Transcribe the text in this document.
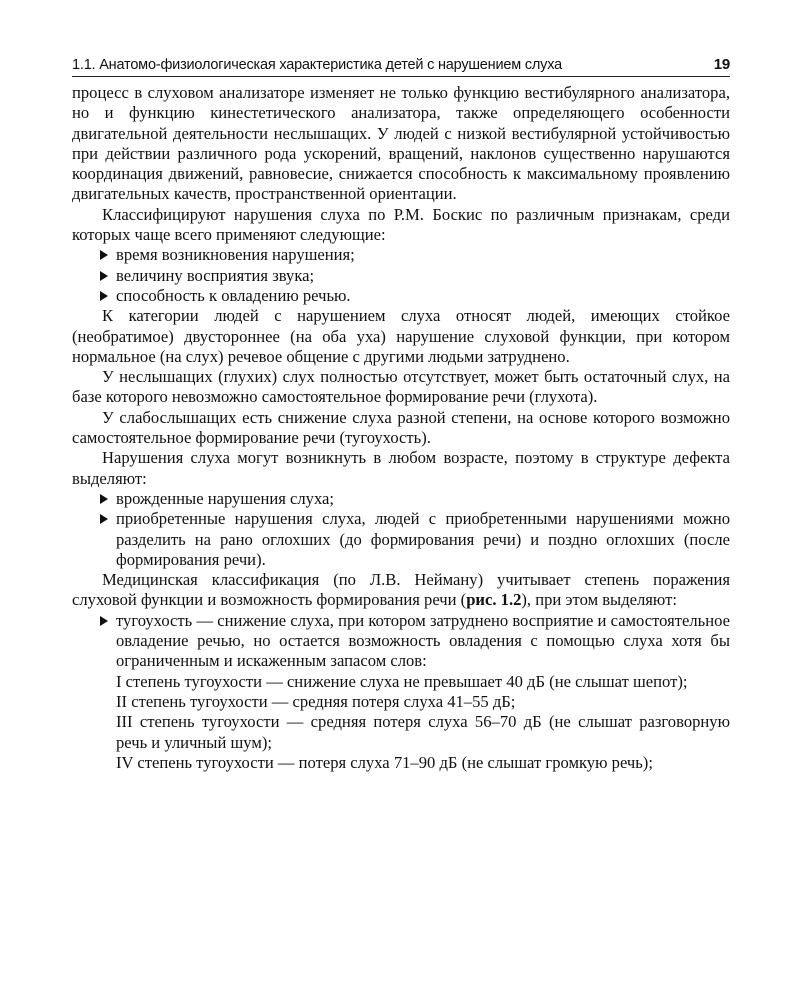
1.1. Анатомо-физиологическая характеристика детей с нарушением слуха	19

процесс в слуховом анализаторе изменяет не только функцию вестибулярного анализатора, но и функцию кинестетического анализатора, также определяющего особенности двигательной деятельности неслышащих. У людей с низкой вестибулярной устойчивостью при действии различного рода ускорений, вращений, наклонов существенно нарушаются координация движений, равновесие, снижается способность к максимальному проявлению двигательных качеств, пространственной ориентации.

Классифицируют нарушения слуха по Р.М. Боскис по различным признакам, среди которых чаще всего применяют следующие:

время возникновения нарушения;
величину восприятия звука;
способность к овладению речью.

К категории людей с нарушением слуха относят людей, имеющих стойкое (необратимое) двустороннее (на оба уха) нарушение слуховой функции, при котором нормальное (на слух) речевое общение с другими людьми затруднено.

У неслышащих (глухих) слух полностью отсутствует, может быть остаточный слух, на базе которого невозможно самостоятельное формирование речи (глухота).

У слабослышащих есть снижение слуха разной степени, на основе которого возможно самостоятельное формирование речи (тугоухость).

Нарушения слуха могут возникнуть в любом возрасте, поэтому в структуре дефекта выделяют:

врожденные нарушения слуха;
приобретенные нарушения слуха, людей с приобретенными нарушениями можно разделить на рано оглохших (до формирования речи) и поздно оглохших (после формирования речи).

Медицинская классификация (по Л.В. Нейману) учитывает степень поражения слуховой функции и возможность формирования речи (рис. 1.2), при этом выделяют:

тугоухость — снижение слуха, при котором затруднено восприятие и самостоятельное овладение речью, но остается возможность овладения с помощью слуха хотя бы ограниченным и искаженным запасом слов:

I степень тугоухости — снижение слуха не превышает 40 дБ (не слышат шепот);

II степень тугоухости — средняя потеря слуха 41–55 дБ;

III степень тугоухости — средняя потеря слуха 56–70 дБ (не слышат разговорную речь и уличный шум);

IV степень тугоухости — потеря слуха 71–90 дБ (не слышат громкую речь);
